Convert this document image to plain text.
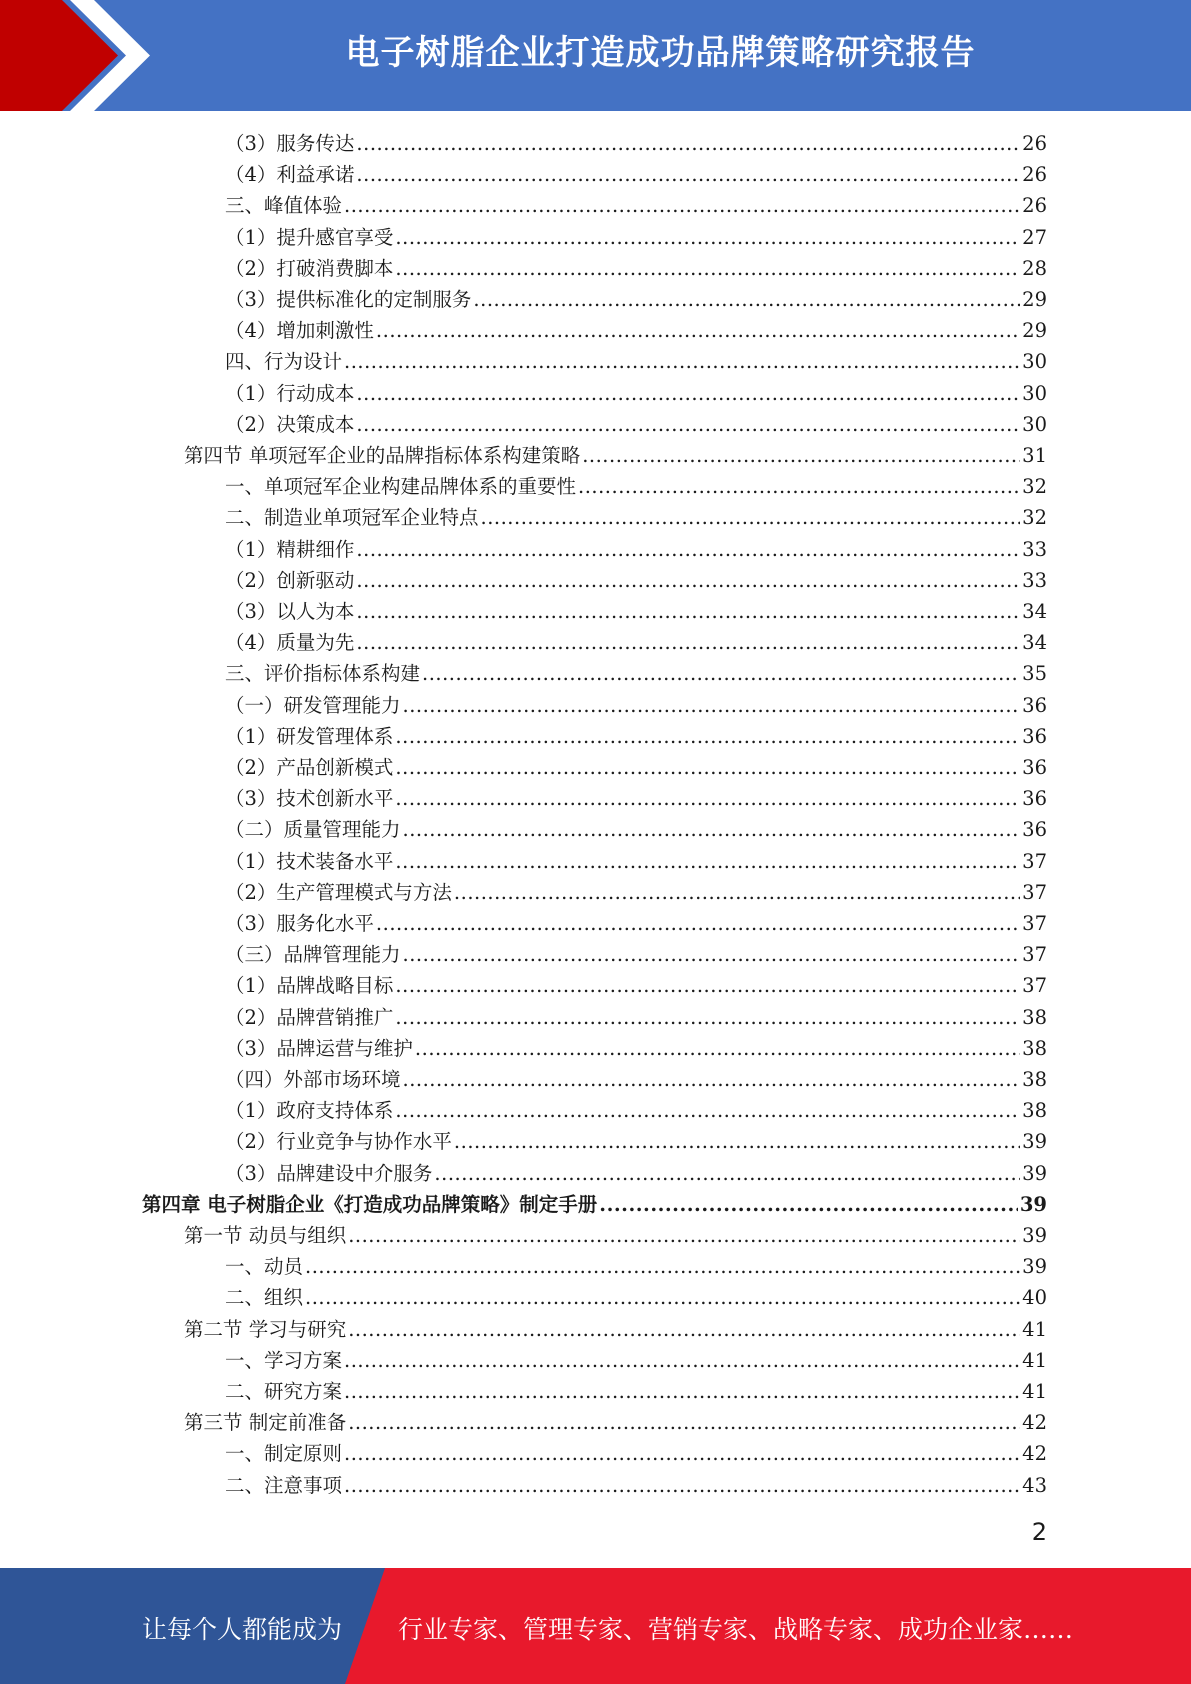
电子树脂企业打造成功品牌策略研究报告
（3）服务传达 .....	26
（4）利益承诺 .....	26
三、峰值体验 .....	26
（1）提升感官享受 .....	27
（2）打破消费脚本 .....	28
（3）提供标准化的定制服务 .....	29
（4）增加刺激性 .....	29
四、行为设计 .....	30
（1）行动成本 .....	30
（2）决策成本 .....	30
第四节 单项冠军企业的品牌指标体系构建策略 .....	31
一、单项冠军企业构建品牌体系的重要性 .....	32
二、制造业单项冠军企业特点 .....	32
（1）精耕细作 .....	33
（2）创新驱动 .....	33
（3）以人为本 .....	34
（4）质量为先 .....	34
三、评价指标体系构建 .....	35
（一）研发管理能力 .....	36
（1）研发管理体系 .....	36
（2）产品创新模式 .....	36
（3）技术创新水平 .....	36
（二）质量管理能力 .....	36
（1）技术装备水平 .....	37
（2）生产管理模式与方法 .....	37
（3）服务化水平 .....	37
（三）品牌管理能力 .....	37
（1）品牌战略目标 .....	37
（2）品牌营销推广 .....	38
（3）品牌运营与维护 .....	38
（四）外部市场环境 .....	38
（1）政府支持体系 .....	38
（2）行业竞争与协作水平 .....	39
（3）品牌建设中介服务 .....	39
第四章 电子树脂企业《打造成功品牌策略》制定手册 .....	39
第一节 动员与组织 .....	39
一、动员 .....	39
二、组织 .....	40
第二节 学习与研究 .....	41
一、学习方案 .....	41
二、研究方案 .....	41
第三节 制定前准备 .....	42
一、制定原则 .....	42
二、注意事项 .....	43
2
让每个人都能成为 行业专家、管理专家、营销专家、战略专家、成功企业家……
